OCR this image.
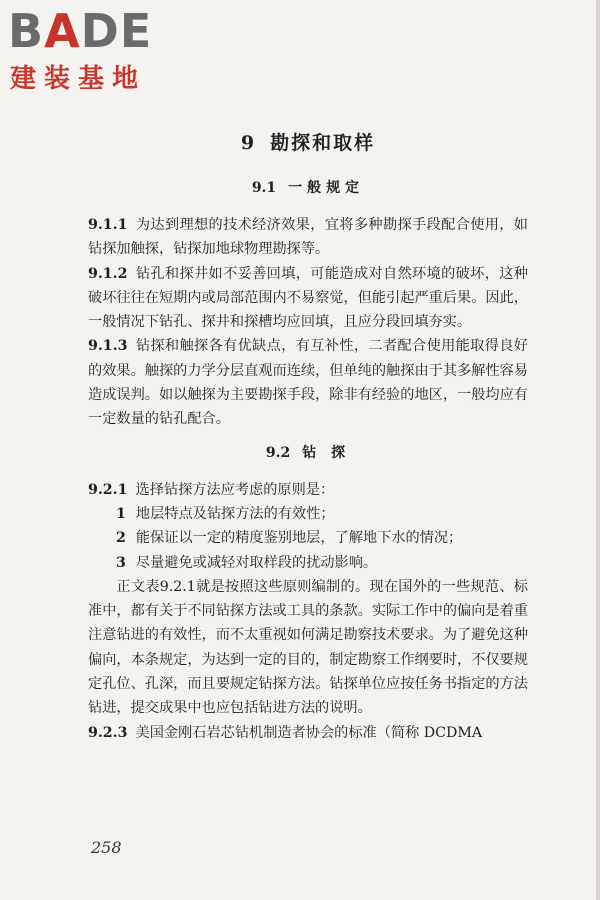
BADE
建装基地
9 勘探和取样
9.1 一般规定

9.1.1 为达到理想的技术经济效果，宜将多种勘探手段配合使用，如钻探加触探，钻探加地球物理勘探等。

9.1.2 钻孔和探井如不妥善回填，可能造成对自然环境的破坏，这种破坏往往在短期内或局部范围内不易察觉，但能引起严重后果。因此，一般情况下钻孔、探井和探槽均应回填，且应分段回填夯实。

9.1.3 钻探和触探各有优缺点，有互补性，二者配合使用能取得良好的效果。触探的力学分层直观而连续，但单纯的触探由于其多解性容易造成误判。如以触探为主要勘探手段，除非有经验的地区，一般均应有一定数量的钻孔配合。

9.2 钻 探

9.2.1 选择钻探方法应考虑的原则是：

1 地层特点及钻探方法的有效性；

2 能保证以一定的精度鉴别地层，了解地下水的情况；

3 尽量避免或减轻对取样段的扰动影响。

正文表9.2.1就是按照这些原则编制的。现在国外的一些规范、标准中，都有关于不同钻探方法或工具的条款。实际工作中的偏向是着重注意钻进的有效性，而不太重视如何满足勘察技术要求。为了避免这种偏向，本条规定，为达到一定的目的，制定勘察工作纲要时，不仅要规定孔位、孔深，而且要规定钻探方法。钻探单位应按任务书指定的方法钻进，提交成果中也应包括钻进方法的说明。

9.2.3 美国金刚石岩芯钻机制造者协会的标准（简称 DCDMA

258
